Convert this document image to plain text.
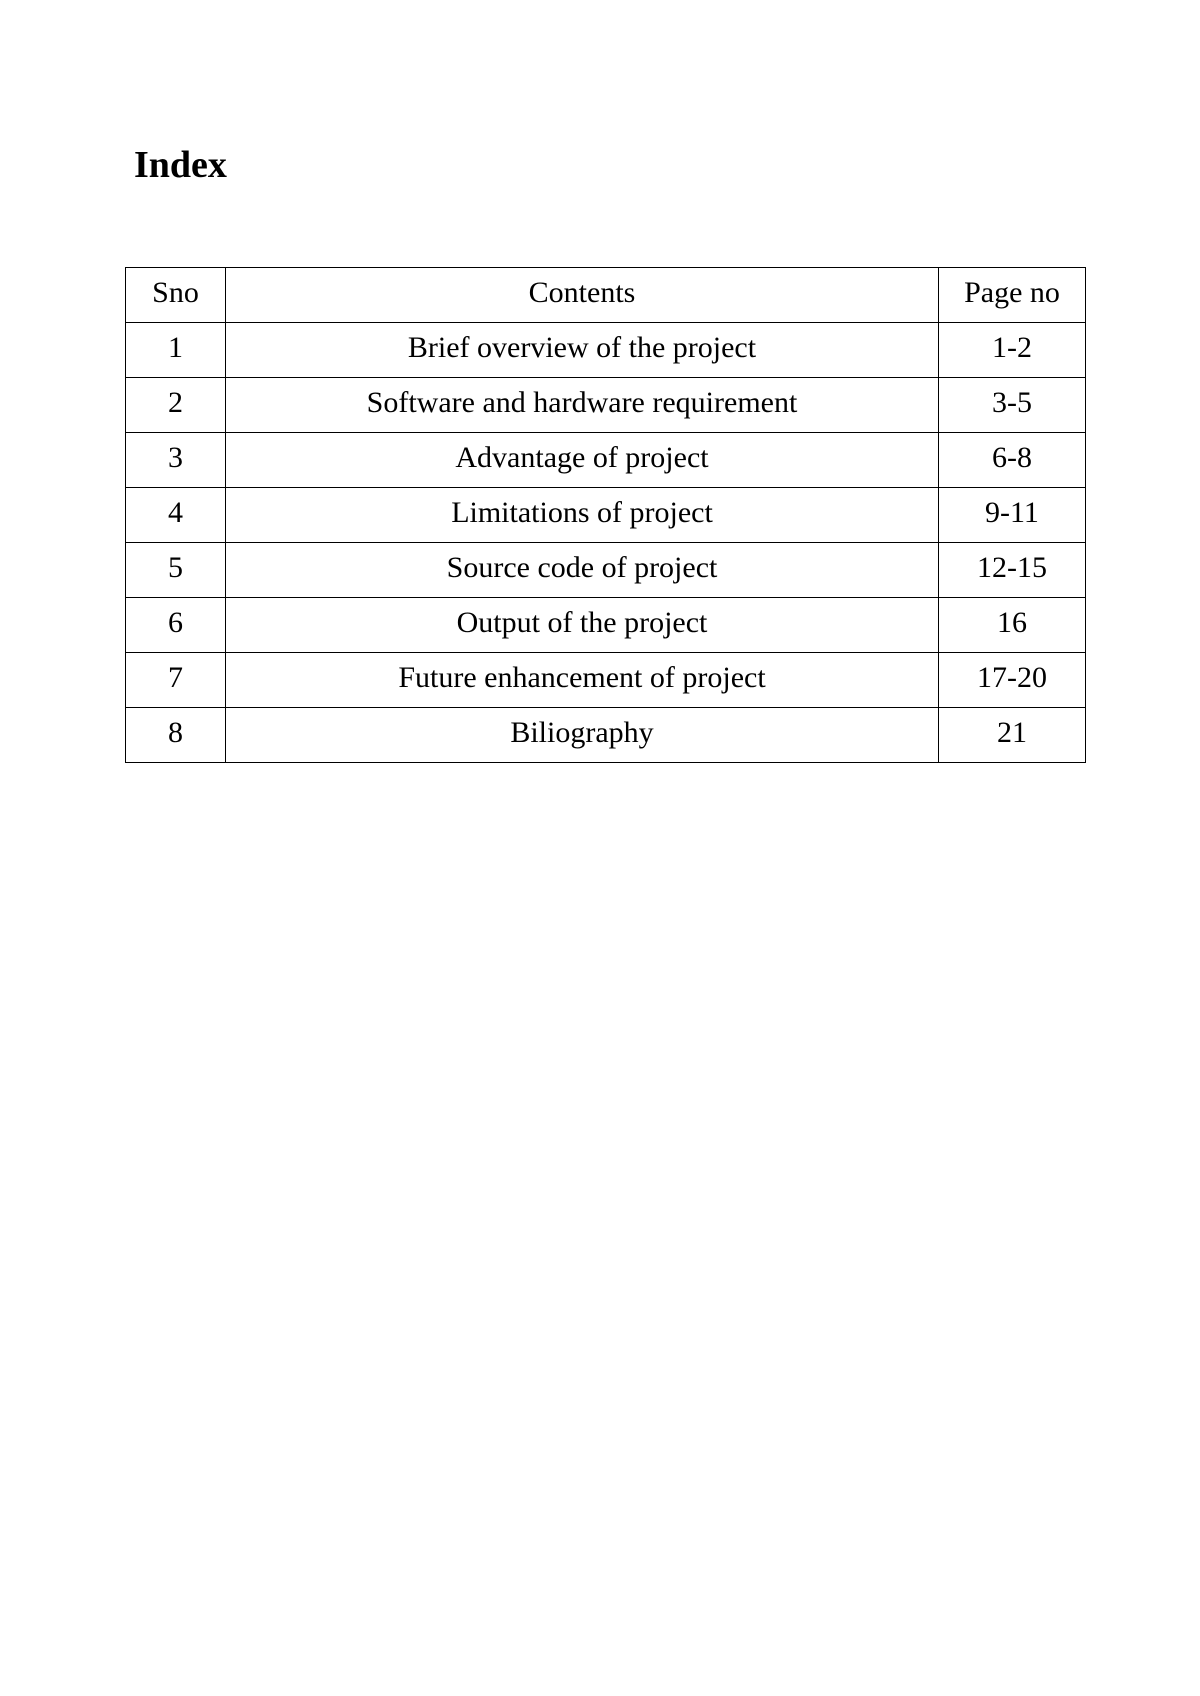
Index
Sno	Contents	Page no
1	Brief overview of the project	1-2
2	Software and hardware requirement	3-5
3	Advantage of project	6-8
4	Limitations of project	9-11
5	Source code of project	12-15
6	Output of the project	16
7	Future enhancement of project	17-20
8	Biliography	21
